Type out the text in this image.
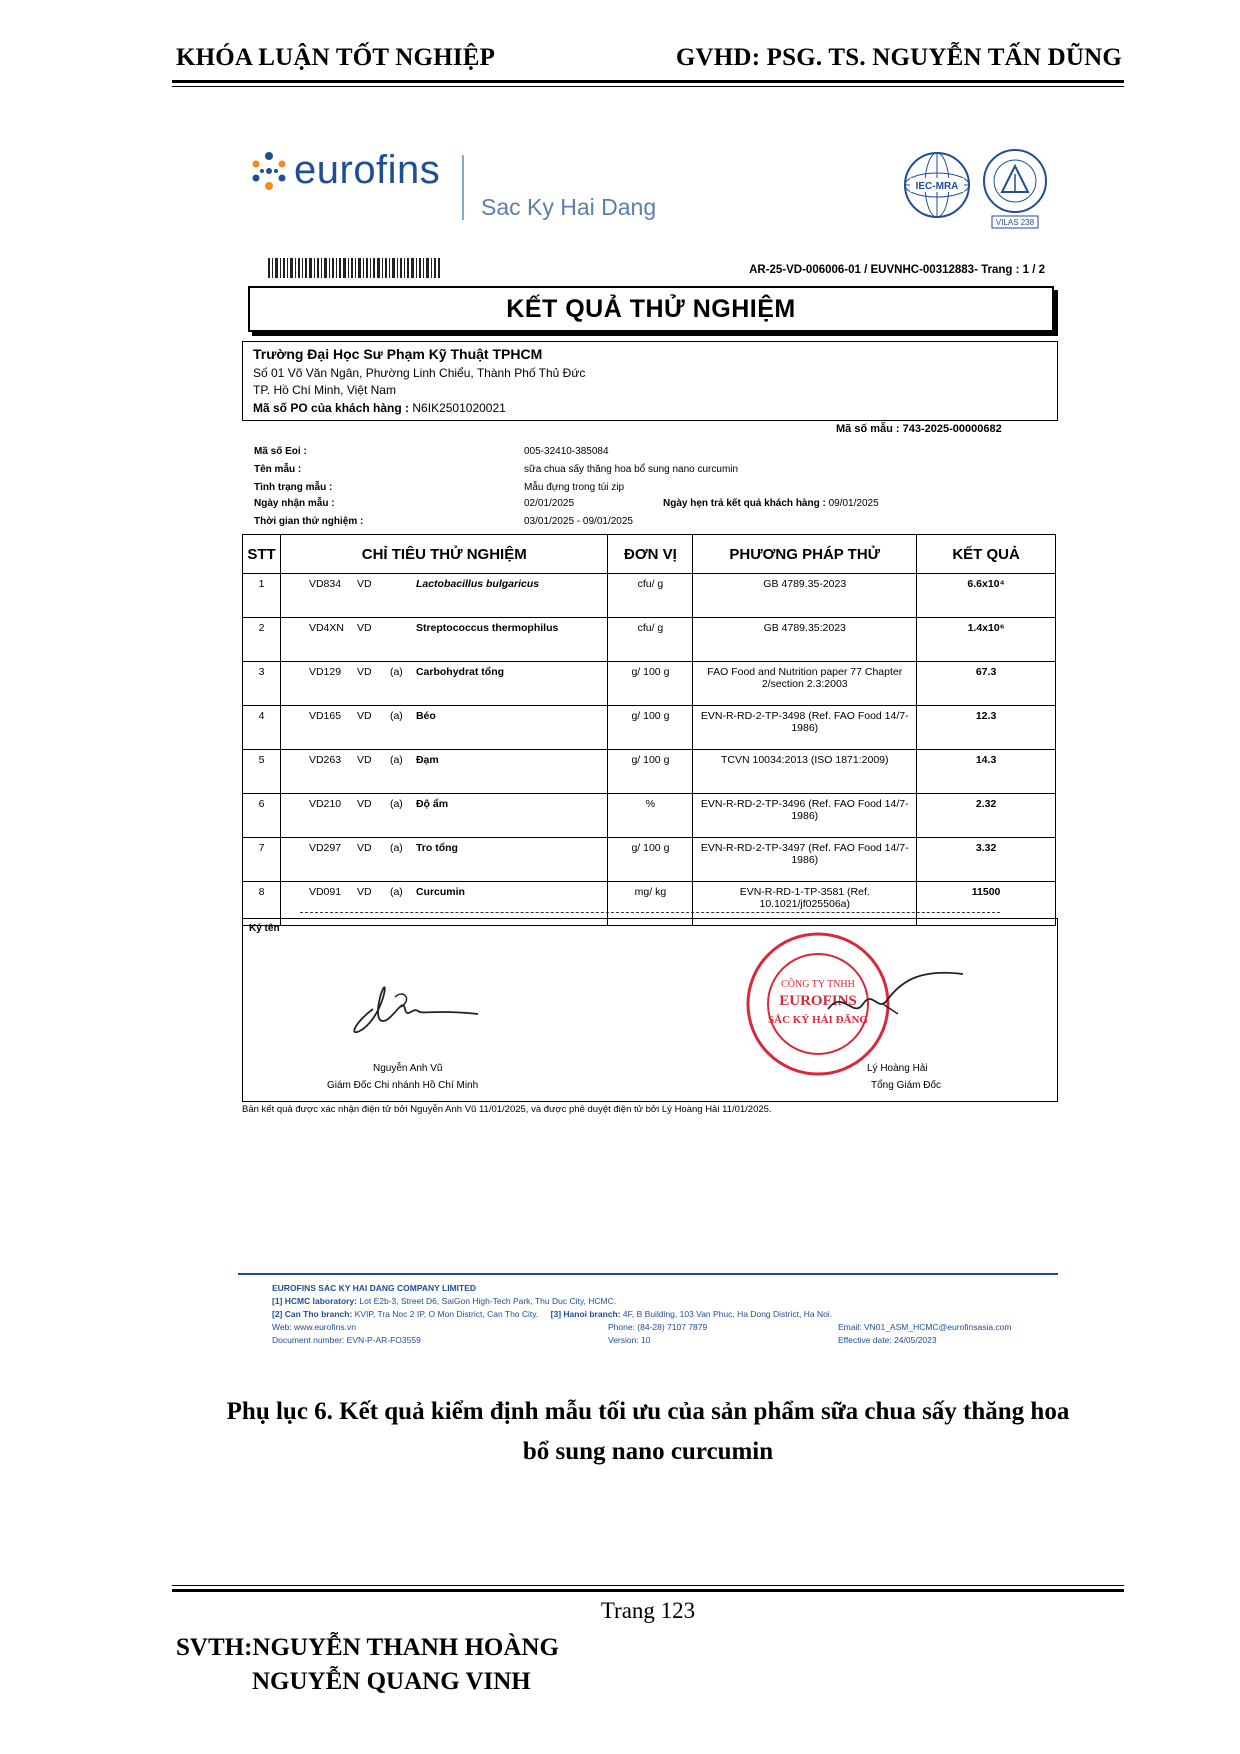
KHÓA LUẬN TỐT NGHIỆP	GVHD: PSG. TS. NGUYỄN TẤN DŨNG
eurofins
Sac Ky Hai Dang
IEC-MRA
VILAS 238
AR-25-VD-006006-01 / EUVNHC-00312883- Trang : 1 / 2
KẾT QUẢ THỬ NGHIỆM
Trường Đại Học Sư Phạm Kỹ Thuật TPHCM
Số 01 Võ Văn Ngân, Phường Linh Chiểu, Thành Phố Thủ Đức
TP. Hồ Chí Minh, Việt Nam
Mã số PO của khách hàng : N6IK2501020021
Mã số mẫu : 743-2025-00000682
Mã số Eoi :	005-32410-385084
Tên mẫu :	sữa chua sấy thăng hoa bổ sung nano curcumin
Tình trạng mẫu :	Mẫu đựng trong túi zip
Ngày nhận mẫu :	02/01/2025	Ngày hẹn trả kết quả khách hàng : 09/01/2025
Thời gian thử nghiệm :	03/01/2025 - 09/01/2025
STT	CHỈ TIÊU THỬ NGHIỆM	ĐƠN VỊ	PHƯƠNG PHÁP THỬ	KẾT QUẢ
1	VD834 VD Lactobacillus bulgaricus	cfu/ g	GB 4789.35-2023	6.6x10⁴
2	VD4XN VD Streptococcus thermophilus	cfu/ g	GB 4789.35:2023	1.4x10⁶
3	VD129 VD (a) Carbohydrat tổng	g/ 100 g	FAO Food and Nutrition paper 77 Chapter 2/section 2.3:2003	67.3
4	VD165 VD (a) Béo	g/ 100 g	EVN-R-RD-2-TP-3498 (Ref. FAO Food 14/7-1986)	12.3
5	VD263 VD (a) Đạm	g/ 100 g	TCVN 10034:2013 (ISO 1871:2009)	14.3
6	VD210 VD (a) Độ ẩm	%	EVN-R-RD-2-TP-3496 (Ref. FAO Food 14/7-1986)	2.32
7	VD297 VD (a) Tro tổng	g/ 100 g	EVN-R-RD-2-TP-3497 (Ref. FAO Food 14/7-1986)	3.32
8	VD091 VD (a) Curcumin	mg/ kg	EVN-R-RD-1-TP-3581 (Ref. 10.1021/jf025506a)	11500
Ký tên
Nguyễn Anh Vũ
Giám Đốc Chi nhánh Hồ Chí Minh
CÔNG TY TNHH
EUROFINS
SẮC KÝ HẢI ĐĂNG
Lý Hoàng Hải
Tổng Giám Đốc
Bản kết quả được xác nhận điện tử bởi Nguyễn Anh Vũ 11/01/2025, và được phê duyệt điện tử bởi Lý Hoàng Hải 11/01/2025.
EUROFINS SAC KY HAI DANG COMPANY LIMITED
[1] HCMC laboratory: Lot E2b-3, Street D6, SaiGon High-Tech Park, Thu Duc City, HCMC.
[2] Can Tho branch: KVIP, Tra Noc 2 IP, O Mon District, Can Tho City. [3] Hanoi branch: 4F, B Building, 103 Van Phuc, Ha Dong District, Ha Noi.
Web: www.eurofins.vn	Phone: (84-28) 7107 7879	Email: VN01_ASM_HCMC@eurofinsasia.com
Document number: EVN-P-AR-FO3559	Version: 10	Effective date: 24/05/2023
Phụ lục 6. Kết quả kiểm định mẫu tối ưu của sản phẩm sữa chua sấy thăng hoa
bổ sung nano curcumin
Trang 123
SVTH:NGUYỄN THANH HOÀNG
NGUYỄN QUANG VINH
